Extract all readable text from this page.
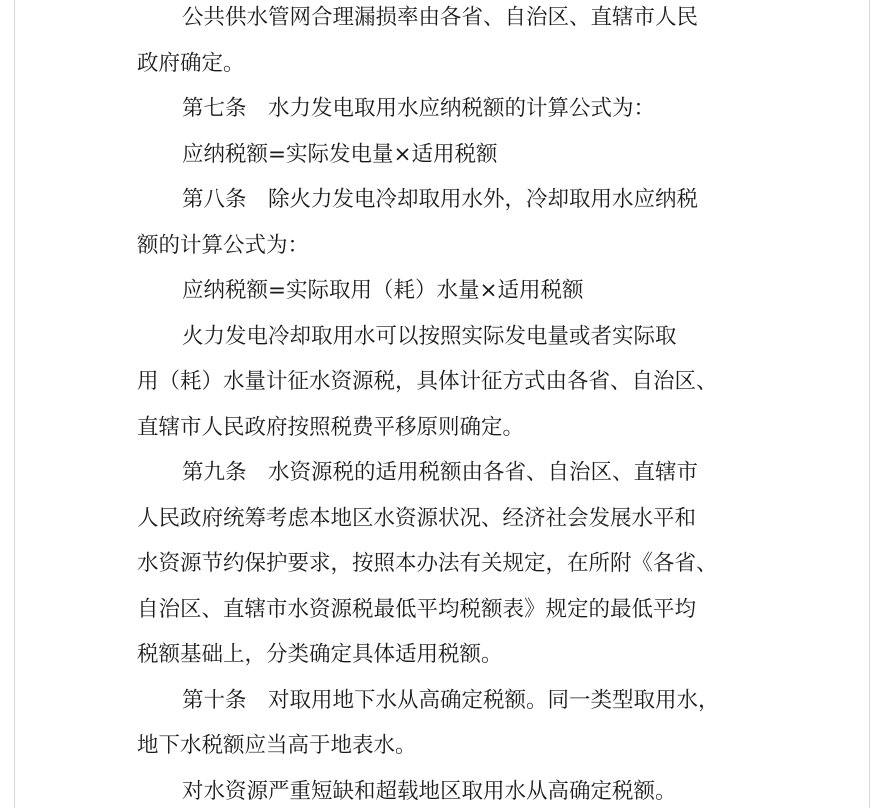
公共供水管网合理漏损率由各省、自治区、直辖市人民
政府确定。
第七条　水力发电取用水应纳税额的计算公式为：
应纳税额=实际发电量×适用税额
第八条　除火力发电冷却取用水外，冷却取用水应纳税
额的计算公式为：
应纳税额=实际取用（耗）水量×适用税额
火力发电冷却取用水可以按照实际发电量或者实际取
用（耗）水量计征水资源税，具体计征方式由各省、自治区、
直辖市人民政府按照税费平移原则确定。
第九条　水资源税的适用税额由各省、自治区、直辖市
人民政府统筹考虑本地区水资源状况、经济社会发展水平和
水资源节约保护要求，按照本办法有关规定，在所附《各省、
自治区、直辖市水资源税最低平均税额表》规定的最低平均
税额基础上，分类确定具体适用税额。
第十条　对取用地下水从高确定税额。同一类型取用水，
地下水税额应当高于地表水。
对水资源严重短缺和超载地区取用水从高确定税额。
